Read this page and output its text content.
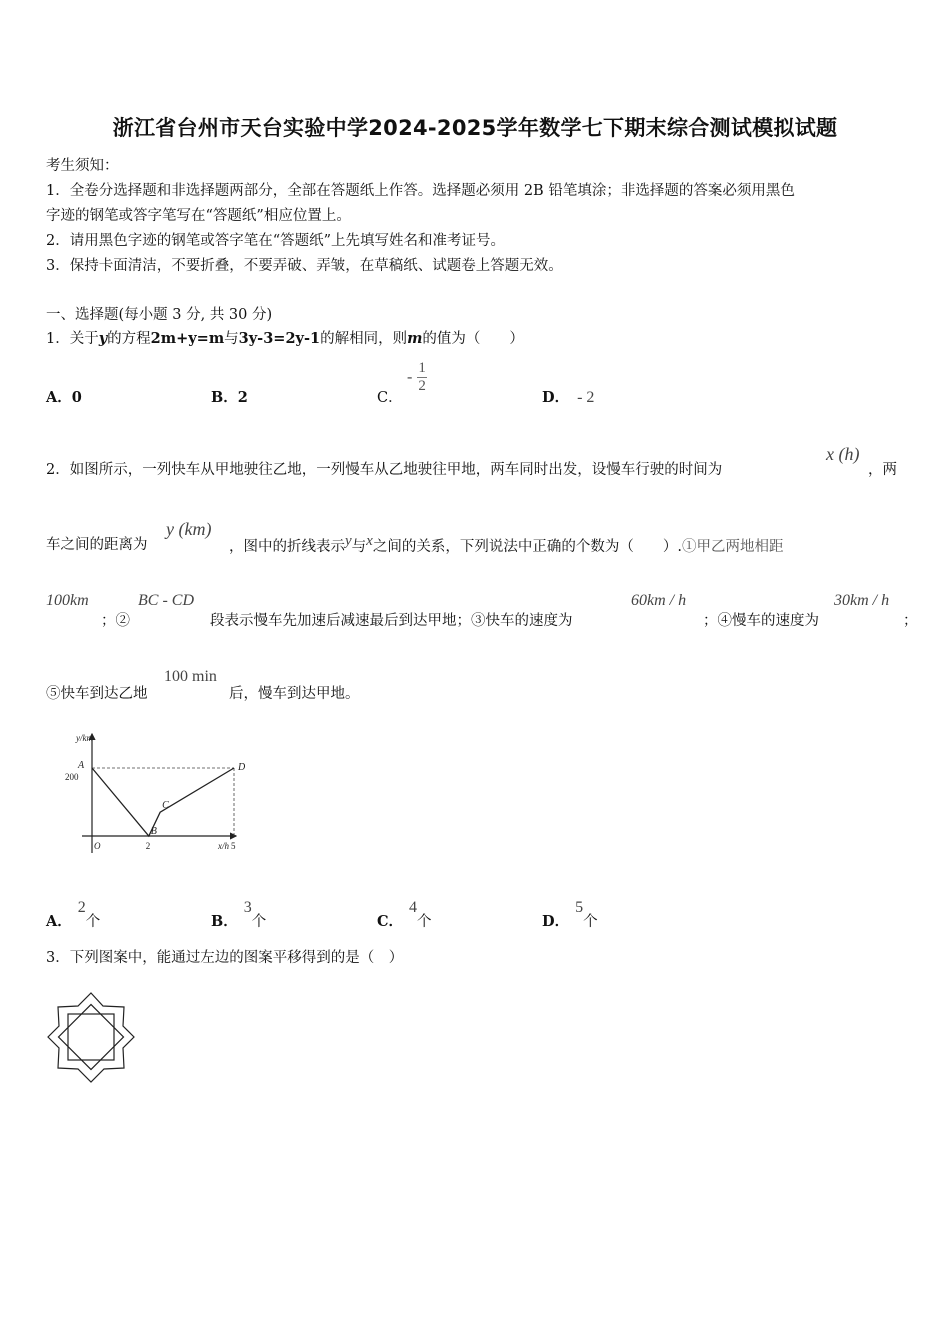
浙江省台州市天台实验中学2024-2025学年数学七下期末综合测试模拟试题
考生须知：
1．全卷分选择题和非选择题两部分，全部在答题纸上作答。选择题必须用 2B 铅笔填涂；非选择题的答案必须用黑色
字迹的钢笔或答字笔写在“答题纸”相应位置上。
2．请用黑色字迹的钢笔或答字笔在“答题纸”上先填写姓名和准考证号。
3．保持卡面清洁，不要折叠，不要弄破、弄皱，在草稿纸、试题卷上答题无效。
一、选择题(每小题 3 分, 共 30 分)
1．关于y的方程2m+y=m与3y-3=2y-1的解相同，则m的值为（　　）
A．0	B．2	C．
- $\frac{1}{2}$
D． - 2
2．如图所示，一列快车从甲地驶往乙地，一列慢车从乙地驶往甲地，两车同时出发，设慢车行驶的时间为
x (h)
，两
车之间的距离为
y (km)
，图中的折线表示y与x之间的关系，下列说法中正确的个数为（　　）.①甲乙两地相距
100km
；②
BC - CD
段表示慢车先加速后减速最后到达甲地；③快车的速度为
60km / h
；④慢车的速度为
30km / h
；
⑤快车到达乙地
100 min
后，慢车到达甲地。
A
B
C
D
200
2	5
y/km
x/h
O
A．2个	B．3个	C．4个	D．5个
3．下列图案中，能通过左边的图案平移得到的是（　）
